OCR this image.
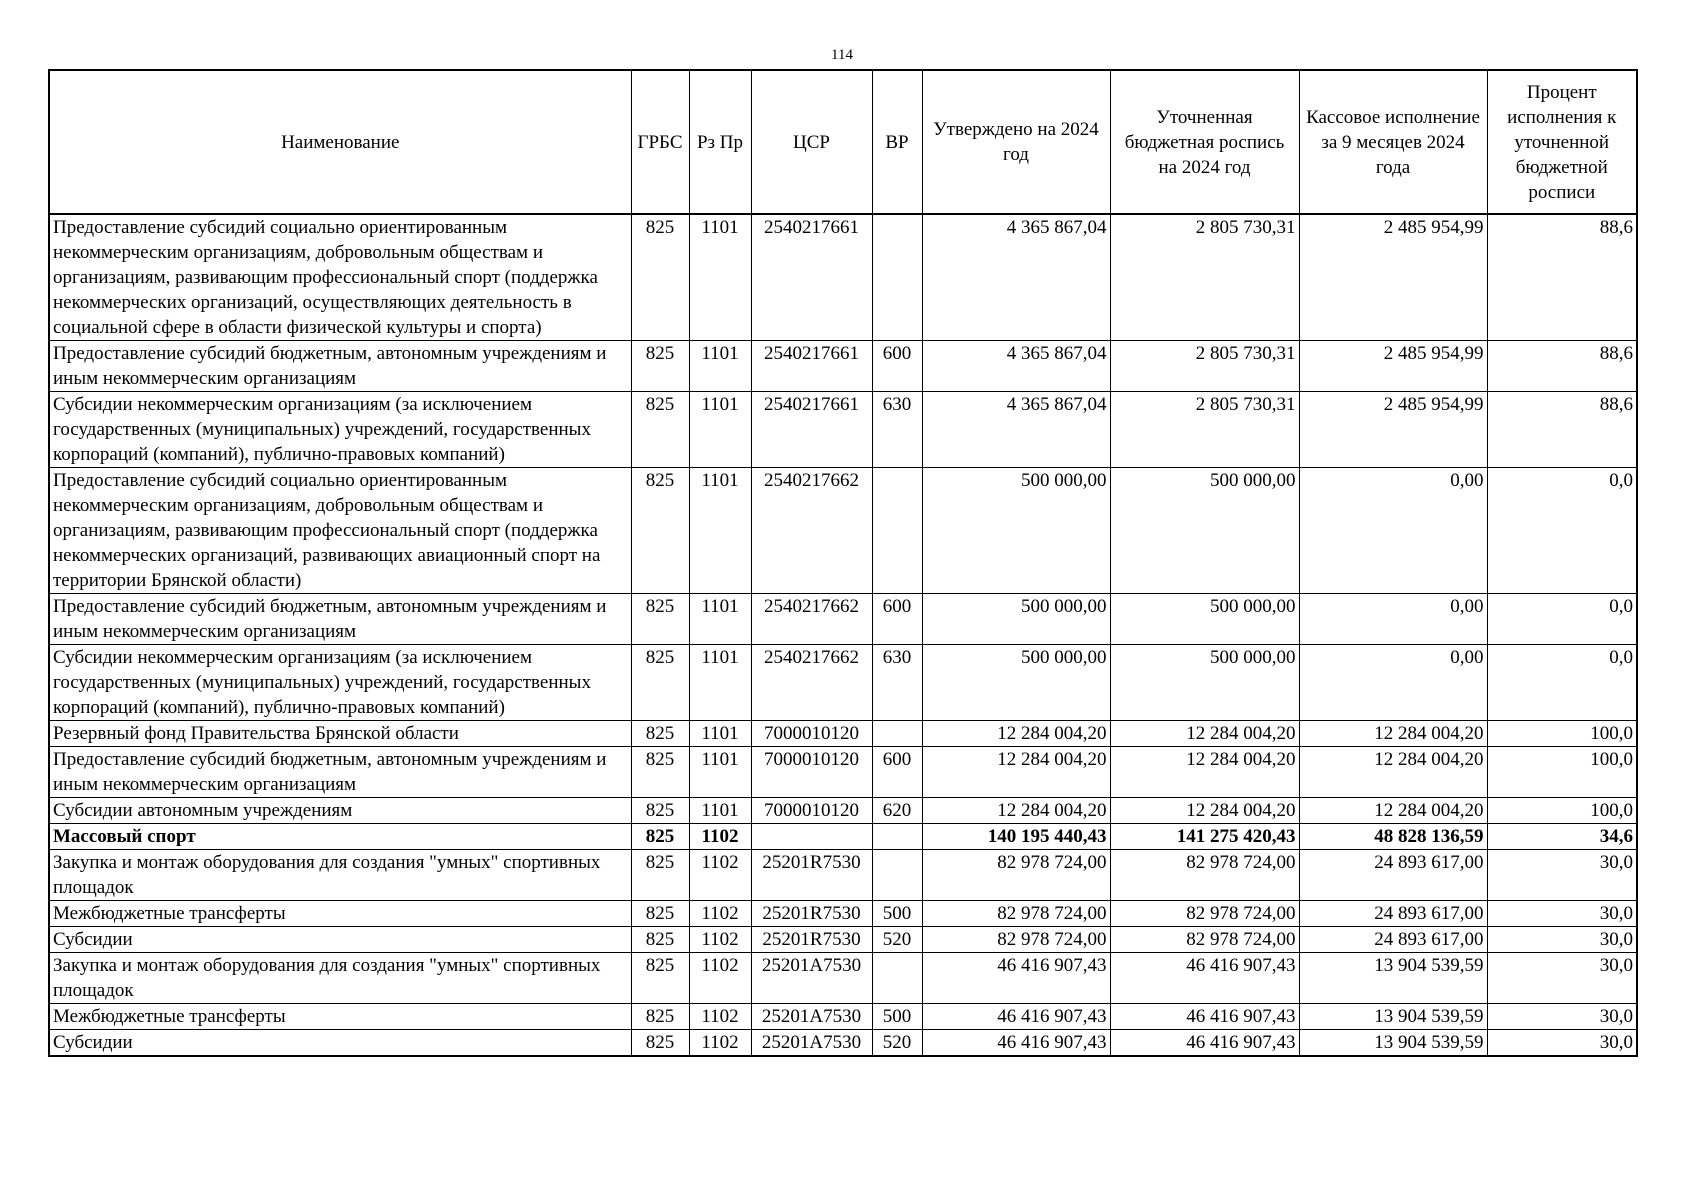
114
Наименование	ГРБС	Рз Пр	ЦСР	ВР	Утверждено на 2024 год	Уточненная бюджетная роспись на 2024 год	Кассовое исполнение за 9 месяцев 2024 года	Процент исполнения к уточненной бюджетной росписи
Предоставление субсидий социально ориентированным некоммерческим организациям, добровольным обществам и организациям, развивающим профессиональный спорт (поддержка некоммерческих организаций, осуществляющих деятельность в социальной сфере в области физической культуры и спорта)	825	1101	2540217661		4 365 867,04	2 805 730,31	2 485 954,99	88,6
Предоставление субсидий бюджетным, автономным учреждениям и иным некоммерческим организациям	825	1101	2540217661	600	4 365 867,04	2 805 730,31	2 485 954,99	88,6
Субсидии некоммерческим организациям (за исключением государственных (муниципальных) учреждений, государственных корпораций (компаний), публично-правовых компаний)	825	1101	2540217661	630	4 365 867,04	2 805 730,31	2 485 954,99	88,6
Предоставление субсидий социально ориентированным некоммерческим организациям, добровольным обществам и организациям, развивающим профессиональный спорт (поддержка некоммерческих организаций, развивающих авиационный спорт на территории Брянской области)	825	1101	2540217662		500 000,00	500 000,00	0,00	0,0
Предоставление субсидий бюджетным, автономным учреждениям и иным некоммерческим организациям	825	1101	2540217662	600	500 000,00	500 000,00	0,00	0,0
Субсидии некоммерческим организациям (за исключением государственных (муниципальных) учреждений, государственных корпораций (компаний), публично-правовых компаний)	825	1101	2540217662	630	500 000,00	500 000,00	0,00	0,0
Резервный фонд Правительства Брянской области	825	1101	7000010120		12 284 004,20	12 284 004,20	12 284 004,20	100,0
Предоставление субсидий бюджетным, автономным учреждениям и иным некоммерческим организациям	825	1101	7000010120	600	12 284 004,20	12 284 004,20	12 284 004,20	100,0
Субсидии автономным учреждениям	825	1101	7000010120	620	12 284 004,20	12 284 004,20	12 284 004,20	100,0
Массовый спорт	825	1102			140 195 440,43	141 275 420,43	48 828 136,59	34,6
Закупка и монтаж оборудования для создания "умных" спортивных площадок	825	1102	25201R7530		82 978 724,00	82 978 724,00	24 893 617,00	30,0
Межбюджетные трансферты	825	1102	25201R7530	500	82 978 724,00	82 978 724,00	24 893 617,00	30,0
Субсидии	825	1102	25201R7530	520	82 978 724,00	82 978 724,00	24 893 617,00	30,0
Закупка и монтаж оборудования для создания "умных" спортивных площадок	825	1102	25201A7530		46 416 907,43	46 416 907,43	13 904 539,59	30,0
Межбюджетные трансферты	825	1102	25201A7530	500	46 416 907,43	46 416 907,43	13 904 539,59	30,0
Субсидии	825	1102	25201A7530	520	46 416 907,43	46 416 907,43	13 904 539,59	30,0
